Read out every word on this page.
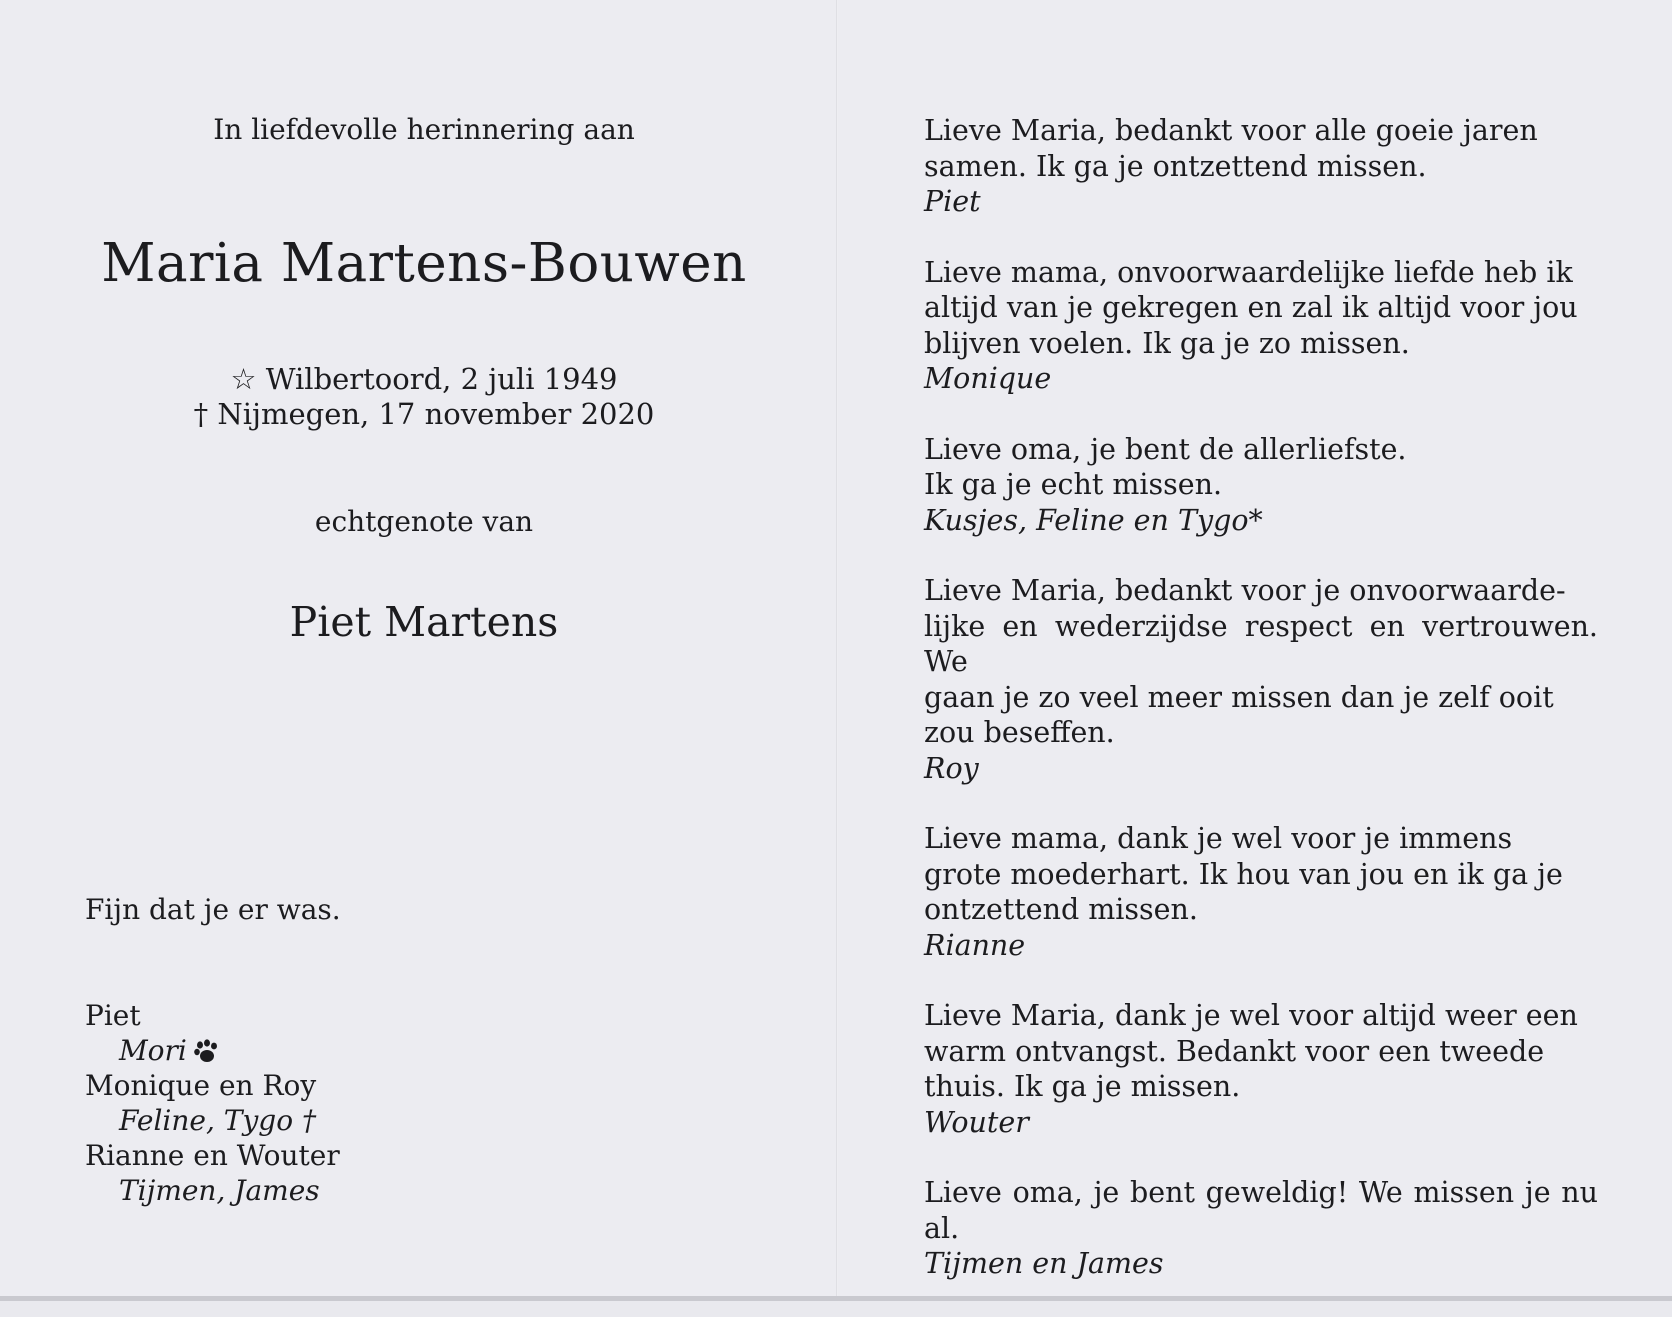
In liefdevolle herinnering aan
Maria Martens-Bouwen
☆ Wilbertoord, 2 juli 1949
† Nijmegen, 17 november 2020
echtgenote van
Piet Martens
Fijn dat je er was.
Piet
Mori
Monique en Roy
Feline, Tygo †
Rianne en Wouter
Tijmen, James
Lieve Maria, bedankt voor alle goeie jaren
samen. Ik ga je ontzettend missen.
Piet
Lieve mama, onvoorwaardelijke liefde heb ik
altijd van je gekregen en zal ik altijd voor jou
blijven voelen. Ik ga je zo missen.
Monique
Lieve oma, je bent de allerliefste.
Ik ga je echt missen.
Kusjes, Feline en Tygo*
Lieve Maria, bedankt voor je onvoorwaarde-
lijke en wederzijdse respect en vertrouwen. We
gaan je zo veel meer missen dan je zelf ooit
zou beseffen.
Roy
Lieve mama, dank je wel voor je immens
grote moederhart. Ik hou van jou en ik ga je
ontzettend missen.
Rianne
Lieve Maria, dank je wel voor altijd weer een
warm ontvangst. Bedankt voor een tweede
thuis. Ik ga je missen.
Wouter
Lieve oma, je bent geweldig! We missen je nu al.
Tijmen en James
